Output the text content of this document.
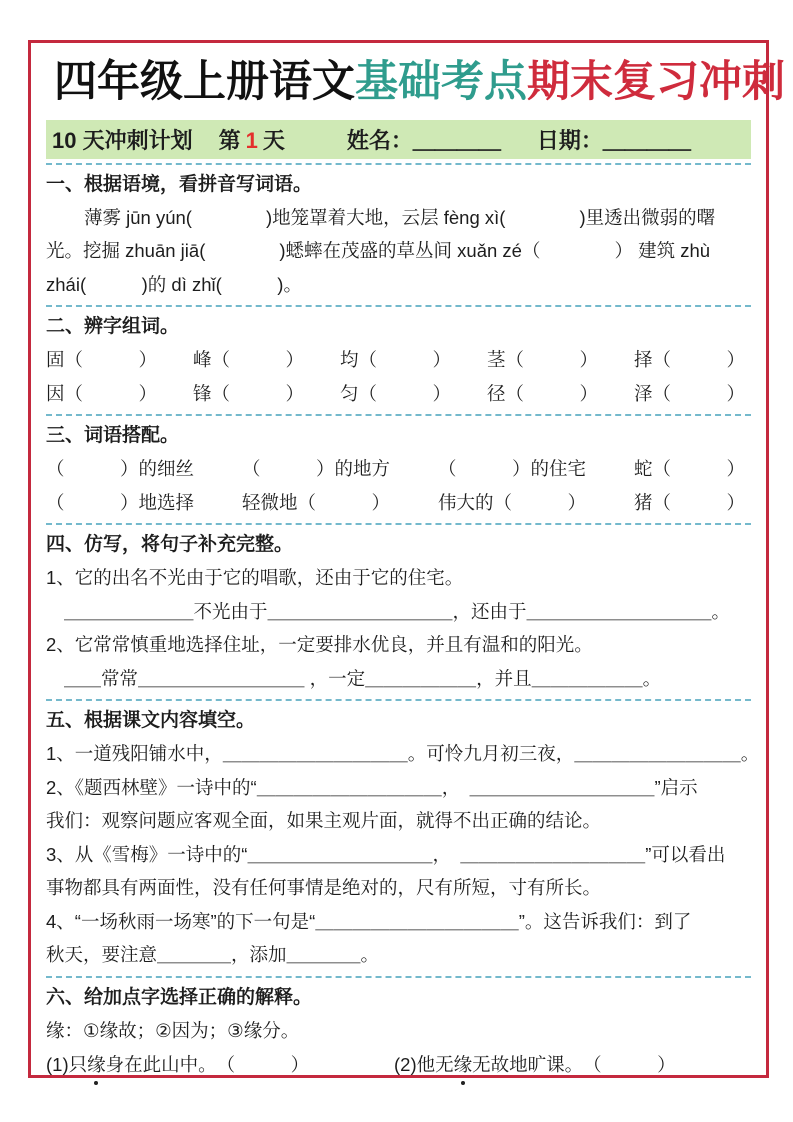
四年级上册语文基础考点期末复习冲刺
10 天冲刺计划 第 1 天	姓名：＿＿＿＿ 日期：＿＿＿＿
一、根据语境，看拼音写词语。
薄雾 jūn yún(　　　　)地笼罩着大地，云层 fèng xì(　　　　)里透出微弱的曙
光。挖掘 zhuān jiā(　　　　)蟋蟀在茂盛的草丛间 xuǎn zé（　　　　） 建筑 zhù
zhái(　　　)的 dì zhǐ(　　　)。
二、辨字组词。
固（　　　） 峰（　　　） 均（　　　） 茎（　　　） 择（　　　）
因（　　　） 锋（　　　） 匀（　　　） 径（　　　） 泽（　　　）
三、词语搭配。
（　　　）的细丝	（　　　）的地方	（　　　）的住宅	蛇（　　　）
（　　　）地选择	轻微地（　　　）	伟大的（　　　）	猪（　　　）
四、仿写，将句子补充完整。
1、它的出名不光由于它的唱歌，还由于它的住宅。
＿＿＿＿＿＿＿不光由于＿＿＿＿＿＿＿＿＿＿，还由于＿＿＿＿＿＿＿＿＿＿。
2、它常常慎重地选择住址，一定要排水优良，并且有温和的阳光。
＿＿常常＿＿＿＿＿＿＿＿＿ ，一定＿＿＿＿＿＿，并且＿＿＿＿＿＿。
五、根据课文内容填空。
1、一道残阳铺水中，＿＿＿＿＿＿＿＿＿＿。可怜九月初三夜，＿＿＿＿＿＿＿＿＿。
2、《题西林壁》一诗中的“＿＿＿＿＿＿＿＿＿＿，　＿＿＿＿＿＿＿＿＿＿”启示
我们：观察问题应客观全面，如果主观片面，就得不出正确的结论。
3、从《雪梅》一诗中的“＿＿＿＿＿＿＿＿＿＿，　＿＿＿＿＿＿＿＿＿＿”可以看出
事物都具有两面性，没有任何事情是绝对的，尺有所短，寸有所长。
4、“一场秋雨一场寒”的下一句是“＿＿＿＿＿＿＿＿＿＿＿”。这告诉我们：到了
秋天，要注意＿＿＿＿，添加＿＿＿＿。
六、给加点字选择正确的解释。
缘：①缘故；②因为；③缘分。
(1)只缘身在此山中。　（　　　）	(2)他无缘无故地旷课。　（　　　）
